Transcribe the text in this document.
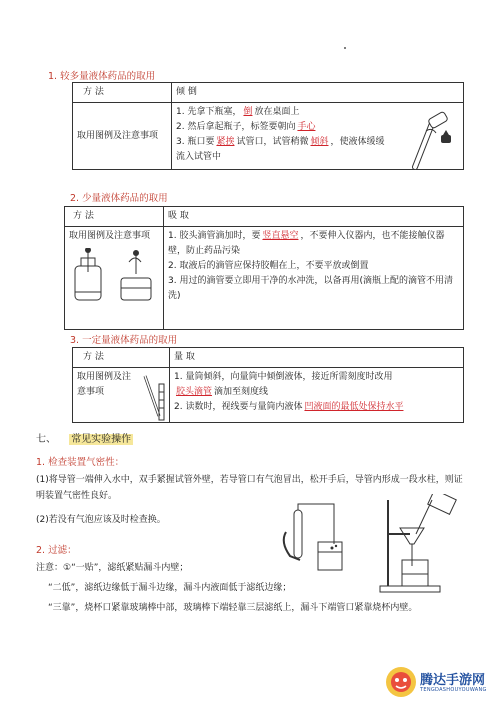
1. 较多量液体药品的取用
方 法	倾 倒
取用图例及注意事项	1. 先拿下瓶塞， 倒 放在桌面上
2. 然后拿起瓶子，标签要朝向 手心
3. 瓶口要 紧挨 试管口，试管稍微 倾斜 ，使液体缓缓流入试管中
2. 少量液体药品的取用
方 法	吸 取

取用图例及注意事项	1. 胶头滴管滴加时，要 竖直悬空 ，不要伸入仪器内，也不能接触仪器壁，防止药品污染
2. 取液后的滴管应保持胶帽在上，不要平放或倒置
3. 用过的滴管要立即用干净的水冲洗，以备再用(滴瓶上配的滴管不用清洗)
3. 一定量液体药品的取用
方 法	量 取

取用图例及注意事项	1. 量筒倾斜，向量筒中倾倒液体，接近所需刻度时改用
胶头滴管 滴加至刻度线
2. 读数时，视线要与量筒内液体 凹液面的最低处保持水平
七、 常见实验操作
1. 检查装置气密性：
(1)将导管一端伸入水中，双手紧握试管外壁，若导管口有气泡冒出，松开手后，导管内形成一段水柱，则证明装置气密性良好。
(2)若没有气泡应该及时检查换。
2. 过滤：
注意：①“一贴”，滤纸紧贴漏斗内壁；
“二低”，滤纸边缘低于漏斗边缘，漏斗内液面低于滤纸边缘；
“三靠”，烧杯口紧靠玻璃棒中部，玻璃棒下端轻靠三层滤纸上，漏斗下端管口紧靠烧杯内壁。
腾达手游网
TENGDASHOUYOUWANG
